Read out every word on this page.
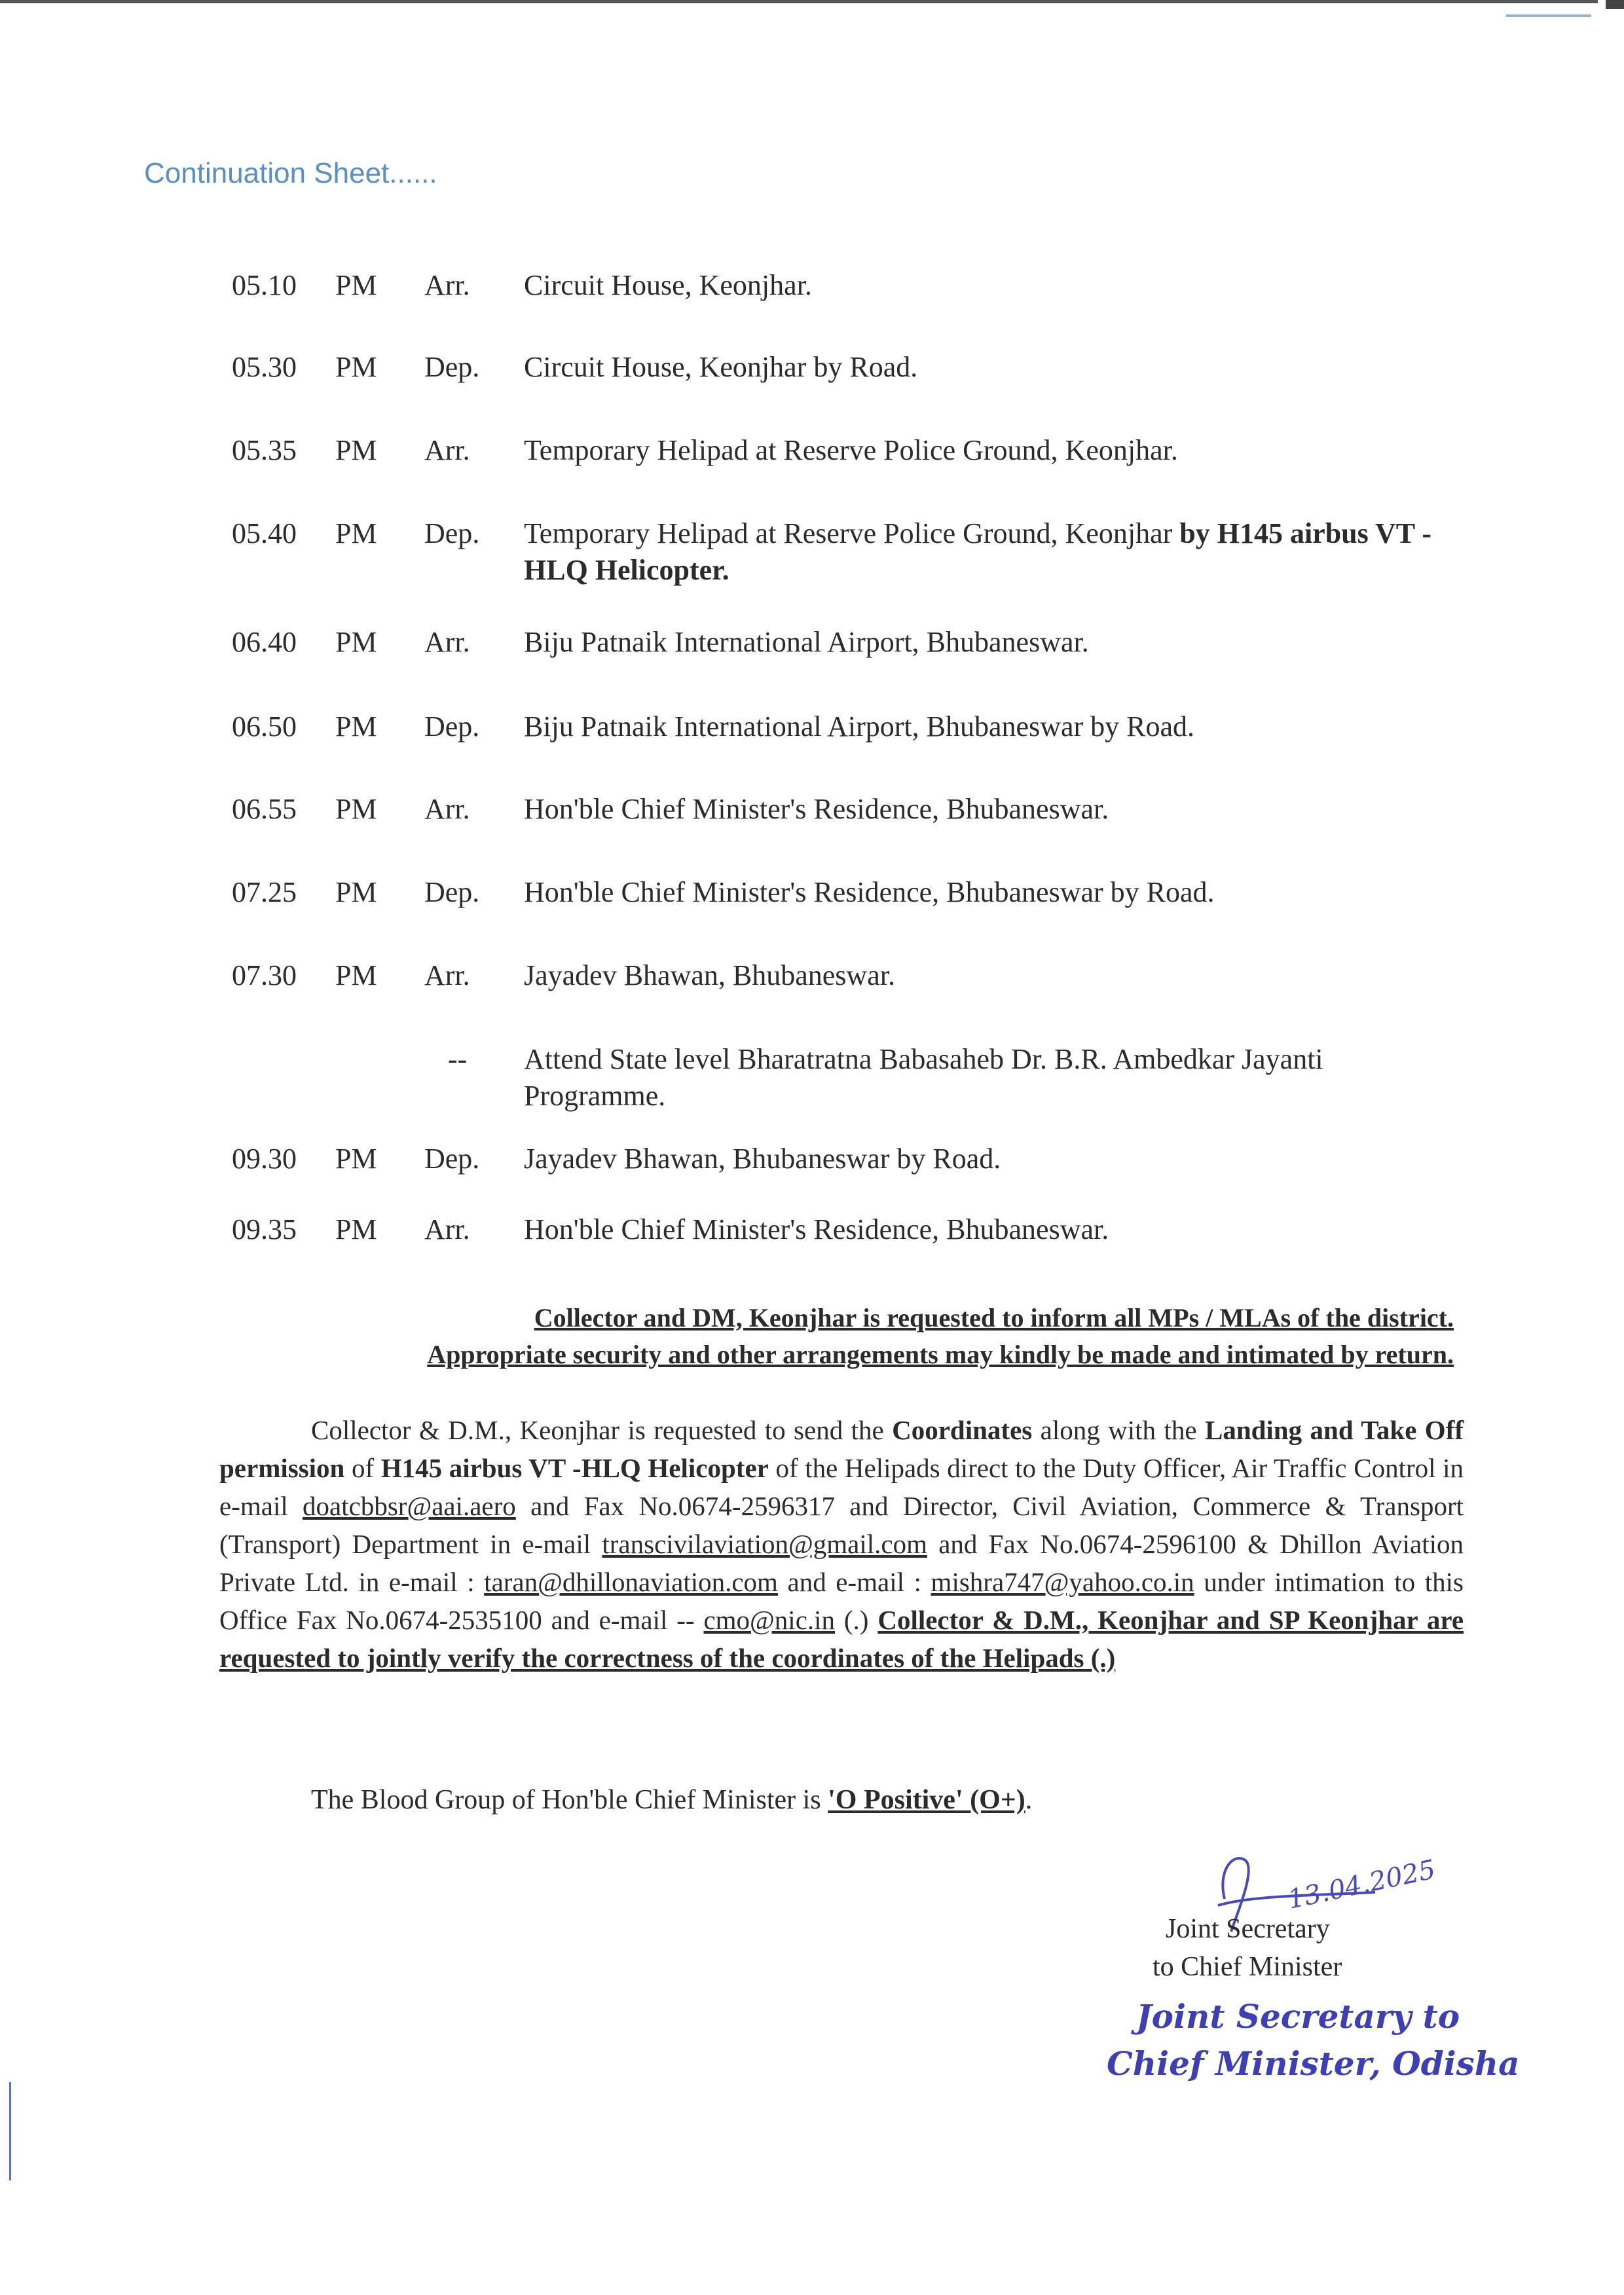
Continuation Sheet......
05.10 PM Arr. Circuit House, Keonjhar.
05.30 PM Dep. Circuit House, Keonjhar by Road.
05.35 PM Arr. Temporary Helipad at Reserve Police Ground, Keonjhar.
05.40 PM Dep. Temporary Helipad at Reserve Police Ground, Keonjhar by H145 airbus VT -HLQ Helicopter.
06.40 PM Arr. Biju Patnaik International Airport, Bhubaneswar.
06.50 PM Dep. Biju Patnaik International Airport, Bhubaneswar by Road.
06.55 PM Arr. Hon'ble Chief Minister's Residence, Bhubaneswar.
07.25 PM Dep. Hon'ble Chief Minister's Residence, Bhubaneswar by Road.
07.30 PM Arr. Jayadev Bhawan, Bhubaneswar.
-- Attend State level Bharatratna Babasaheb Dr. B.R. Ambedkar Jayanti Programme.
09.30 PM Dep. Jayadev Bhawan, Bhubaneswar by Road.
09.35 PM Arr. Hon'ble Chief Minister's Residence, Bhubaneswar.
Collector and DM, Keonjhar is requested to inform all MPs / MLAs of the district.
Appropriate security and other arrangements may kindly be made and intimated by return.
Collector & D.M., Keonjhar is requested to send the Coordinates along with the Landing and Take Off permission of H145 airbus VT -HLQ Helicopter of the Helipads direct to the Duty Officer, Air Traffic Control in e-mail doatcbbsr@aai.aero and Fax No.0674-2596317 and Director, Civil Aviation, Commerce & Transport (Transport) Department in e-mail transcivilaviation@gmail.com and Fax No.0674-2596100 & Dhillon Aviation Private Ltd. in e-mail : taran@dhillonaviation.com and e-mail : mishra747@yahoo.co.in under intimation to this Office Fax No.0674-2535100 and e-mail -- cmo@nic.in (.) Collector & D.M., Keonjhar and SP Keonjhar are requested to jointly verify the correctness of the coordinates of the Helipads (.)
The Blood Group of Hon'ble Chief Minister is 'O Positive' (O+).
13.04.2025
Joint Secretary
to Chief Minister
Joint Secretary to
Chief Minister, Odisha
